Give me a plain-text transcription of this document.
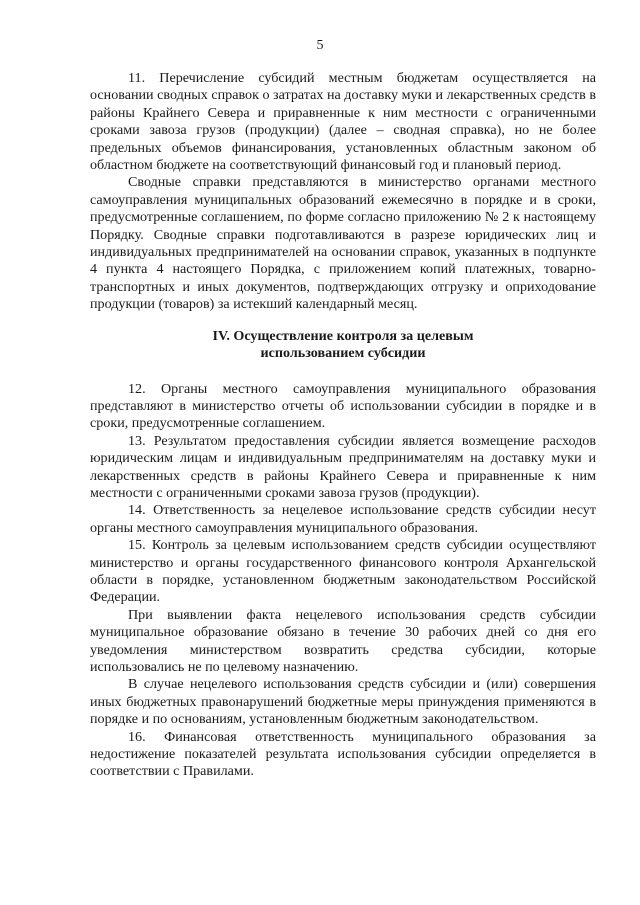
5

11. Перечисление субсидий местным бюджетам осуществляется на основании сводных справок о затратах на доставку муки и лекарственных средств в районы Крайнего Севера и приравненные к ним местности с ограниченными сроками завоза грузов (продукции) (далее – сводная справка), но не более предельных объемов финансирования, установленных областным законом об областном бюджете на соответствующий финансовый год и плановый период.

Сводные справки представляются в министерство органами местного самоуправления муниципальных образований ежемесячно в порядке и в сроки, предусмотренные соглашением, по форме согласно приложению № 2 к настоящему Порядку. Сводные справки подготавливаются в разрезе юридических лиц и индивидуальных предпринимателей на основании справок, указанных в подпункте 4 пункта 4 настоящего Порядка, с приложением копий платежных, товарно-транспортных и иных документов, подтверждающих отгрузку и оприходование продукции (товаров) за истекший календарный месяц.

IV. Осуществление контроля за целевым
использованием субсидии

12. Органы местного самоуправления муниципального образования представляют в министерство отчеты об использовании субсидии в порядке и в сроки, предусмотренные соглашением.

13. Результатом предоставления субсидии является возмещение расходов юридическим лицам и индивидуальным предпринимателям на доставку муки и лекарственных средств в районы Крайнего Севера и приравненные к ним местности с ограниченными сроками завоза грузов (продукции).

14. Ответственность за нецелевое использование средств субсидии несут органы местного самоуправления муниципального образования.

15. Контроль за целевым использованием средств субсидии осуществляют министерство и органы государственного финансового контроля Архангельской области в порядке, установленном бюджетным законодательством Российской Федерации.

При выявлении факта нецелевого использования средств субсидии муниципальное образование обязано в течение 30 рабочих дней со дня его уведомления министерством возвратить средства субсидии, которые использовались не по целевому назначению.

В случае нецелевого использования средств субсидии и (или) совершения иных бюджетных правонарушений бюджетные меры принуждения применяются в порядке и по основаниям, установленным бюджетным законодательством.

16. Финансовая ответственность муниципального образования за недостижение показателей результата использования субсидии определяется в соответствии с Правилами.
